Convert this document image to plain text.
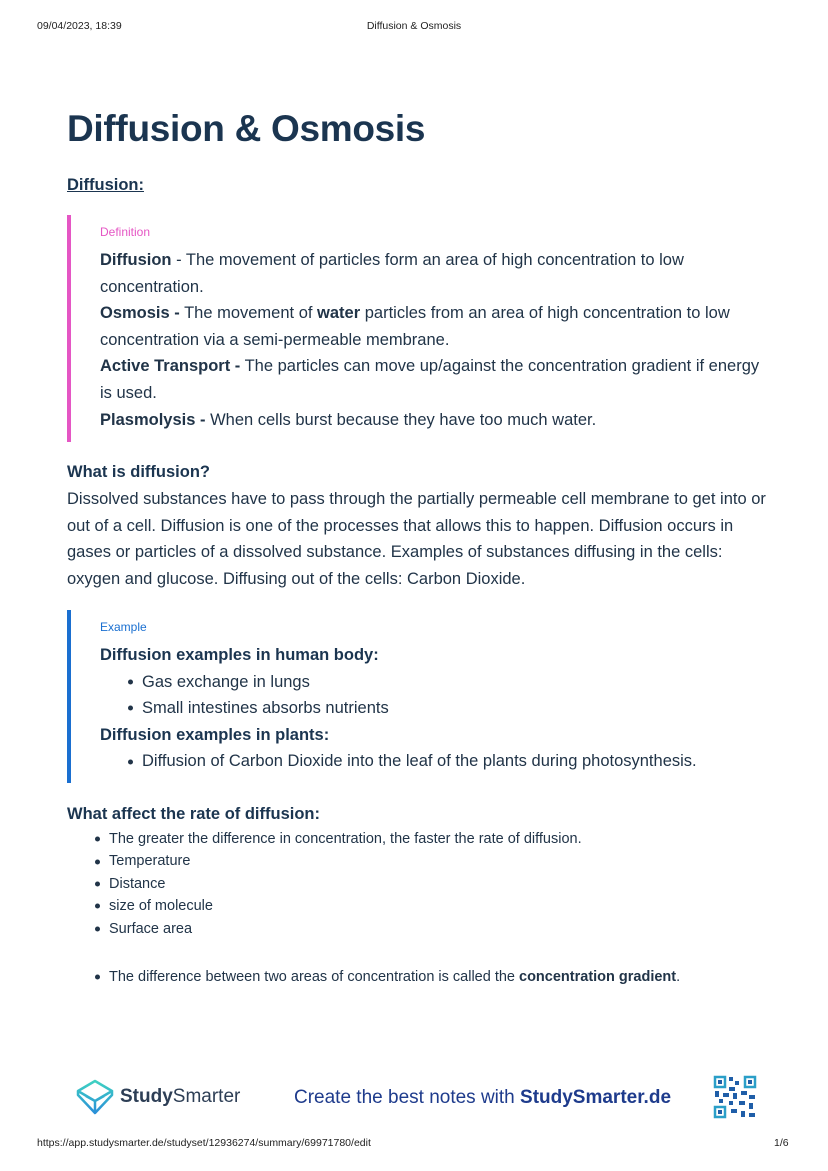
09/04/2023, 18:39	Diffusion & Osmosis
Diffusion & Osmosis
Diffusion:
Definition
Diffusion - The movement of particles form an area of high concentration to low concentration.
Osmosis - The movement of water particles from an area of high concentration to low concentration via a semi-permeable membrane.
Active Transport - The particles can move up/against the concentration gradient if energy is used.
Plasmolysis - When cells burst because they have too much water.
What is diffusion?
Dissolved substances have to pass through the partially permeable cell membrane to get into or out of a cell. Diffusion is one of the processes that allows this to happen. Diffusion occurs in gases or particles of a dissolved substance. Examples of substances diffusing in the cells: oxygen and glucose. Diffusing out of the cells: Carbon Dioxide.
Example
Diffusion examples in human body:
Gas exchange in lungs
Small intestines absorbs nutrients
Diffusion examples in plants:
Diffusion of Carbon Dioxide into the leaf of the plants during photosynthesis.
What affect the rate of diffusion:
The greater the difference in concentration, the faster the rate of diffusion.
Temperature
Distance
size of molecule
Surface area
The difference between two areas of concentration is called the concentration gradient.
StudySmarter	Create the best notes with StudySmarter.de
https://app.studysmarter.de/studyset/12936274/summary/69971780/edit	1/6
